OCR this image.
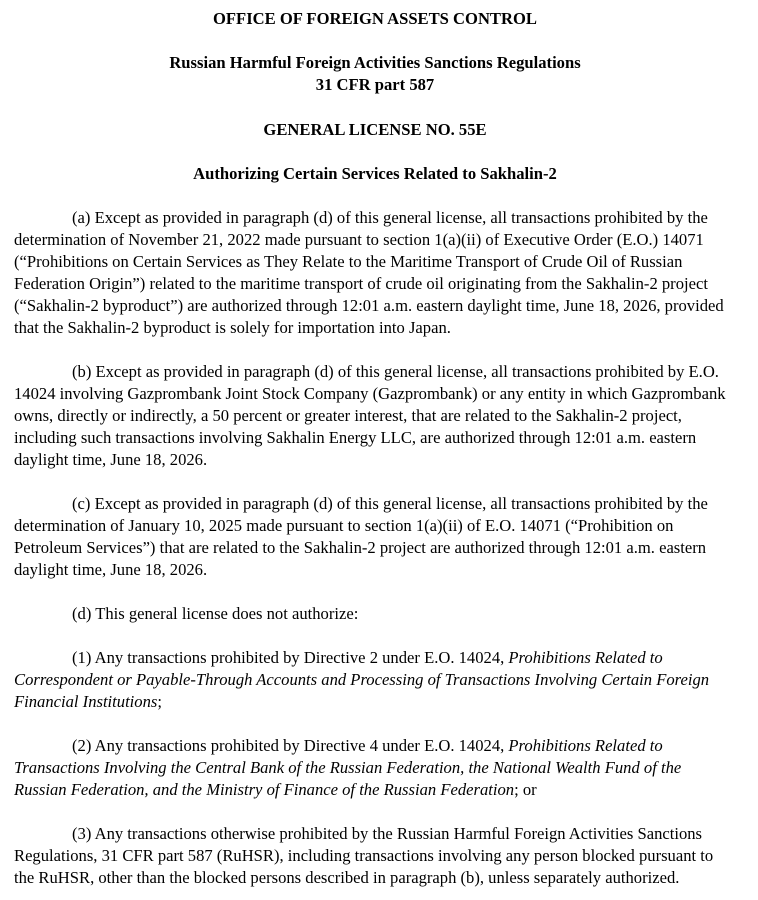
OFFICE OF FOREIGN ASSETS CONTROL
Russian Harmful Foreign Activities Sanctions Regulations
31 CFR part 587
GENERAL LICENSE NO. 55E
Authorizing Certain Services Related to Sakhalin-2

(a) Except as provided in paragraph (d) of this general license, all transactions prohibited by the determination of November 21, 2022 made pursuant to section 1(a)(ii) of Executive Order (E.O.) 14071 (“Prohibitions on Certain Services as They Relate to the Maritime Transport of Crude Oil of Russian Federation Origin”) related to the maritime transport of crude oil originating from the Sakhalin-2 project (“Sakhalin-2 byproduct”) are authorized through 12:01 a.m. eastern daylight time, June 18, 2026, provided that the Sakhalin-2 byproduct is solely for importation into Japan.

(b) Except as provided in paragraph (d) of this general license, all transactions prohibited by E.O. 14024 involving Gazprombank Joint Stock Company (Gazprombank) or any entity in which Gazprombank owns, directly or indirectly, a 50 percent or greater interest, that are related to the Sakhalin-2 project, including such transactions involving Sakhalin Energy LLC, are authorized through 12:01 a.m. eastern daylight time, June 18, 2026.

(c) Except as provided in paragraph (d) of this general license, all transactions prohibited by the determination of January 10, 2025 made pursuant to section 1(a)(ii) of E.O. 14071 (“Prohibition on Petroleum Services”) that are related to the Sakhalin-2 project are authorized through 12:01 a.m. eastern daylight time, June 18, 2026.

(d) This general license does not authorize:

(1) Any transactions prohibited by Directive 2 under E.O. 14024, Prohibitions Related to Correspondent or Payable-Through Accounts and Processing of Transactions Involving Certain Foreign Financial Institutions;

(2) Any transactions prohibited by Directive 4 under E.O. 14024, Prohibitions Related to Transactions Involving the Central Bank of the Russian Federation, the National Wealth Fund of the Russian Federation, and the Ministry of Finance of the Russian Federation; or

(3) Any transactions otherwise prohibited by the Russian Harmful Foreign Activities Sanctions Regulations, 31 CFR part 587 (RuHSR), including transactions involving any person blocked pursuant to the RuHSR, other than the blocked persons described in paragraph (b), unless separately authorized.
